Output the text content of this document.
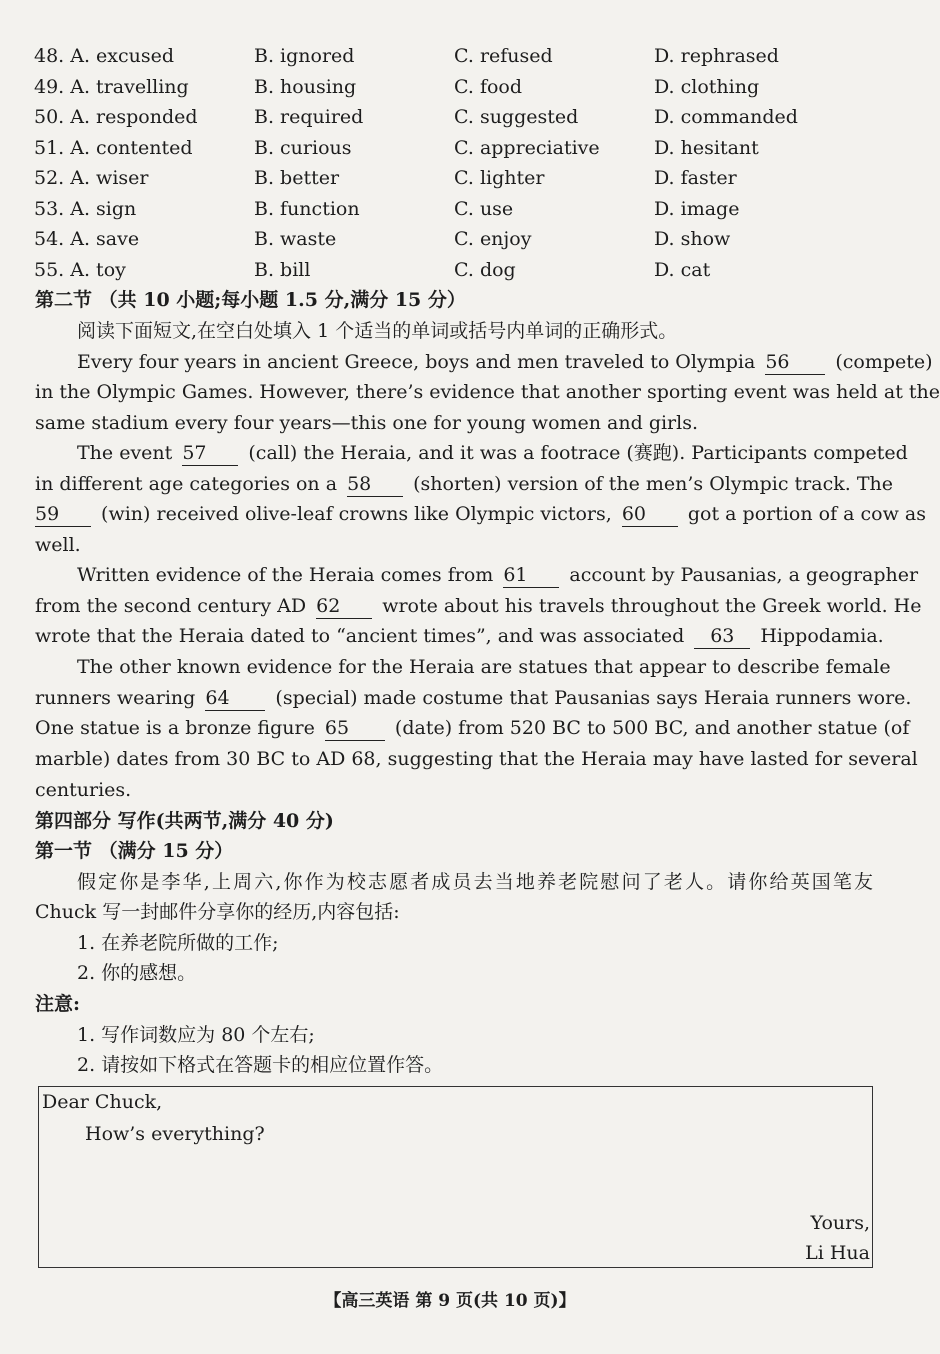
48. A. excused	B. ignored	C. refused	D. rephrased
49. A. travelling	B. housing	C. food	D. clothing
50. A. responded	B. required	C. suggested	D. commanded
51. A. contented	B. curious	C. appreciative	D. hesitant
52. A. wiser	B. better	C. lighter	D. faster
53. A. sign	B. function	C. use	D. image
54. A. save	B. waste	C. enjoy	D. show
55. A. toy	B. bill	C. dog	D. cat
第二节 （共 10 小题;每小题 1.5 分,满分 15 分）
阅读下面短文,在空白处填入 1 个适当的单词或括号内单词的正确形式。
Every four years in ancient Greece, boys and men traveled to Olympia 56 (compete)
in the Olympic Games. However, there’s evidence that another sporting event was held at the
same stadium every four years—this one for young women and girls.
The event 57 (call) the Heraia, and it was a footrace (赛跑). Participants competed
in different age categories on a 58 (shorten) version of the men’s Olympic track. The
59 (win) received olive-leaf crowns like Olympic victors, 60 got a portion of a cow as
well.
Written evidence of the Heraia comes from 61 account by Pausanias, a geographer
from the second century AD 62 wrote about his travels throughout the Greek world. He
wrote that the Heraia dated to “ancient times”, and was associated 63 Hippodamia.
The other known evidence for the Heraia are statues that appear to describe female
runners wearing 64 (special) made costume that Pausanias says Heraia runners wore.
One statue is a bronze figure 65 (date) from 520 BC to 500 BC, and another statue (of
marble) dates from 30 BC to AD 68, suggesting that the Heraia may have lasted for several
centuries.
第四部分 写作(共两节,满分 40 分)
第一节 （满分 15 分）
假定你是李华,上周六,你作为校志愿者成员去当地养老院慰问了老人。请你给英国笔友
Chuck 写一封邮件分享你的经历,内容包括:
1. 在养老院所做的工作;
2. 你的感想。
注意:
1. 写作词数应为 80 个左右;
2. 请按如下格式在答题卡的相应位置作答。
Dear Chuck,
How’s everything?
Yours,
Li Hua
【高三英语 第 9 页(共 10 页)】
